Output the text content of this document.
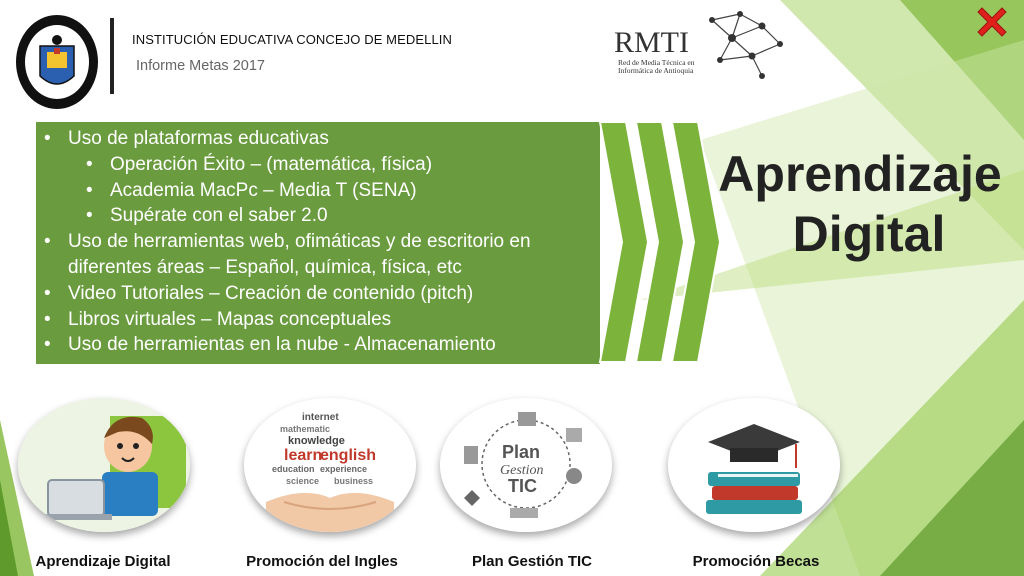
INSTITUCIÓN EDUCATIVA CONCEJO DE MEDELLIN
Informe Metas 2017
RMTI
Red de Media Técnica en
Informática de Antioquia
• Uso de plataformas educativas
• Operación Éxito – (matemática, física)
• Academia MacPc – Media T (SENA)
• Supérate con el saber 2.0
• Uso de herramientas web, ofimáticas y de escritorio en
diferentes áreas – Español, química, física, etc
• Video Tutoriales – Creación de contenido (pitch)
• Libros virtuales – Mapas conceptuales
• Uso de herramientas en la nube - Almacenamiento
Aprendizaje
Digital
internet
mathematic
knowledge
learn
english
education experience
science business
Plan
Gestion
TIC
Aprendizaje Digital	Promoción del Ingles	Plan Gestión TIC	Promoción Becas
